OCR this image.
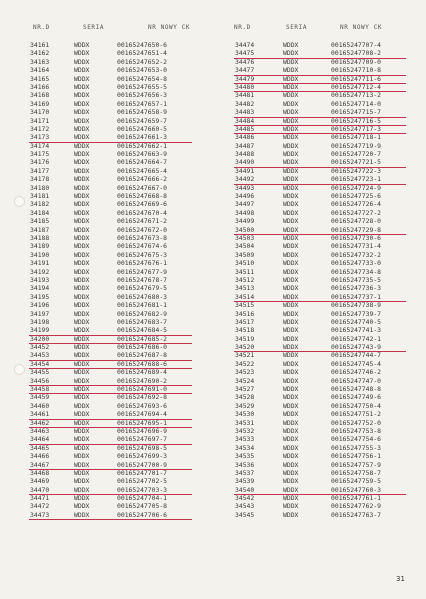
NR.D	SERIA	NR NOWY CK
34161	WDDX	00165247650-6
34162	WDDX	00165247651-4
34163	WDDX	00165247652-2
34164	WDDX	00165247653-0
34165	WDDX	00165247654-8
34166	WDDX	00165247655-5
34168	WDDX	00165247656-3
34169	WDDX	00165247657-1
34170	WDDX	00165247658-9
34171	WDDX	00165247659-7
34172	WDDX	00165247660-5
34173	WDDX	00165247661-3
34174	WDDX	00165247662-1
34175	WDDX	00165247663-9
34176	WDDX	00165247664-7
34177	WDDX	00165247665-4
34178	WDDX	00165247666-2
34180	WDDX	00165247667-0
34181	WDDX	00165247668-8
34182	WDDX	00165247669-6
34184	WDDX	00165247670-4
34185	WDDX	00165247671-2
34187	WDDX	00165247672-0
34188	WDDX	00165247673-8
34189	WDDX	00165247674-6
34190	WDDX	00165247675-3
34191	WDDX	00165247676-1
34192	WDDX	00165247677-9
34193	WDDX	00165247678-7
34194	WDDX	00165247679-5
34195	WDDX	00165247680-3
34196	WDDX	00165247681-1
34197	WDDX	00165247682-9
34198	WDDX	00165247683-7
34199	WDDX	00165247684-5
34200	WDDX	00165247685-2
34452	WDDX	00165247686-0
34453	WDDX	00165247687-8
34454	WDDX	00165247688-6
34455	WDDX	00165247689-4
34456	WDDX	00165247690-2
34458	WDDX	00165247691-0
34459	WDDX	00165247692-8
34460	WDDX	00165247693-6
34461	WDDX	00165247694-4
34462	WDDX	00165247695-1
34463	WDDX	00165247696-9
34464	WDDX	00165247697-7
34465	WDDX	00165247698-5
34466	WDDX	00165247699-3
34467	WDDX	00165247700-9
34468	WDDX	00165247701-7
34469	WDDX	00165247702-5
34470	WDDX	00165247703-3
34471	WDDX	00165247704-1
34472	WDDX	00165247705-8
34473	WDDX	00165247706-6
NR.D	SERIA	NR NOWY CK
34474	WDDX	00165247707-4
34475	WDDX	00165247708-2
34476	WDDX	00165247709-0
34477	WDDX	00165247710-8
34479	WDDX	00165247711-6
34480	WDDX	00165247712-4
34481	WDDX	00165247713-2
34482	WDDX	00165247714-0
34483	WDDX	00165247715-7
34484	WDDX	00165247716-5
34485	WDDX	00165247717-3
34486	WDDX	00165247718-1
34487	WDDX	00165247719-9
34488	WDDX	00165247720-7
34490	WDDX	00165247721-5
34491	WDDX	00165247722-3
34492	WDDX	00165247723-1
34493	WDDX	00165247724-9
34496	WDDX	00165247725-6
34497	WDDX	00165247726-4
34498	WDDX	00165247727-2
34499	WDDX	00165247728-0
34500	WDDX	00165247729-8
34503	WDDX	00165247730-6
34504	WDDX	00165247731-4
34509	WDDX	00165247732-2
34510	WDDX	00165247733-0
34511	WDDX	00165247734-8
34512	WDDX	00165247735-5
34513	WDDX	00165247736-3
34514	WDDX	00165247737-1
34515	WDDX	00165247738-9
34516	WDDX	00165247739-7
34517	WDDX	00165247740-5
34518	WDDX	00165247741-3
34519	WDDX	00165247742-1
34520	WDDX	00165247743-9
34521	WDDX	00165247744-7
34522	WDDX	00165247745-4
34523	WDDX	00165247746-2
34524	WDDX	00165247747-0
34527	WDDX	00165247748-8
34528	WDDX	00165247749-6
34529	WDDX	00165247750-4
34530	WDDX	00165247751-2
34531	WDDX	00165247752-0
34532	WDDX	00165247753-8
34533	WDDX	00165247754-6
34534	WDDX	00165247755-3
34535	WDDX	00165247756-1
34536	WDDX	00165247757-9
34537	WDDX	00165247758-7
34539	WDDX	00165247759-5
34540	WDDX	00165247760-3
34542	WDDX	00165247761-1
34543	WDDX	00165247762-9
34545	WDDX	00165247763-7
31
